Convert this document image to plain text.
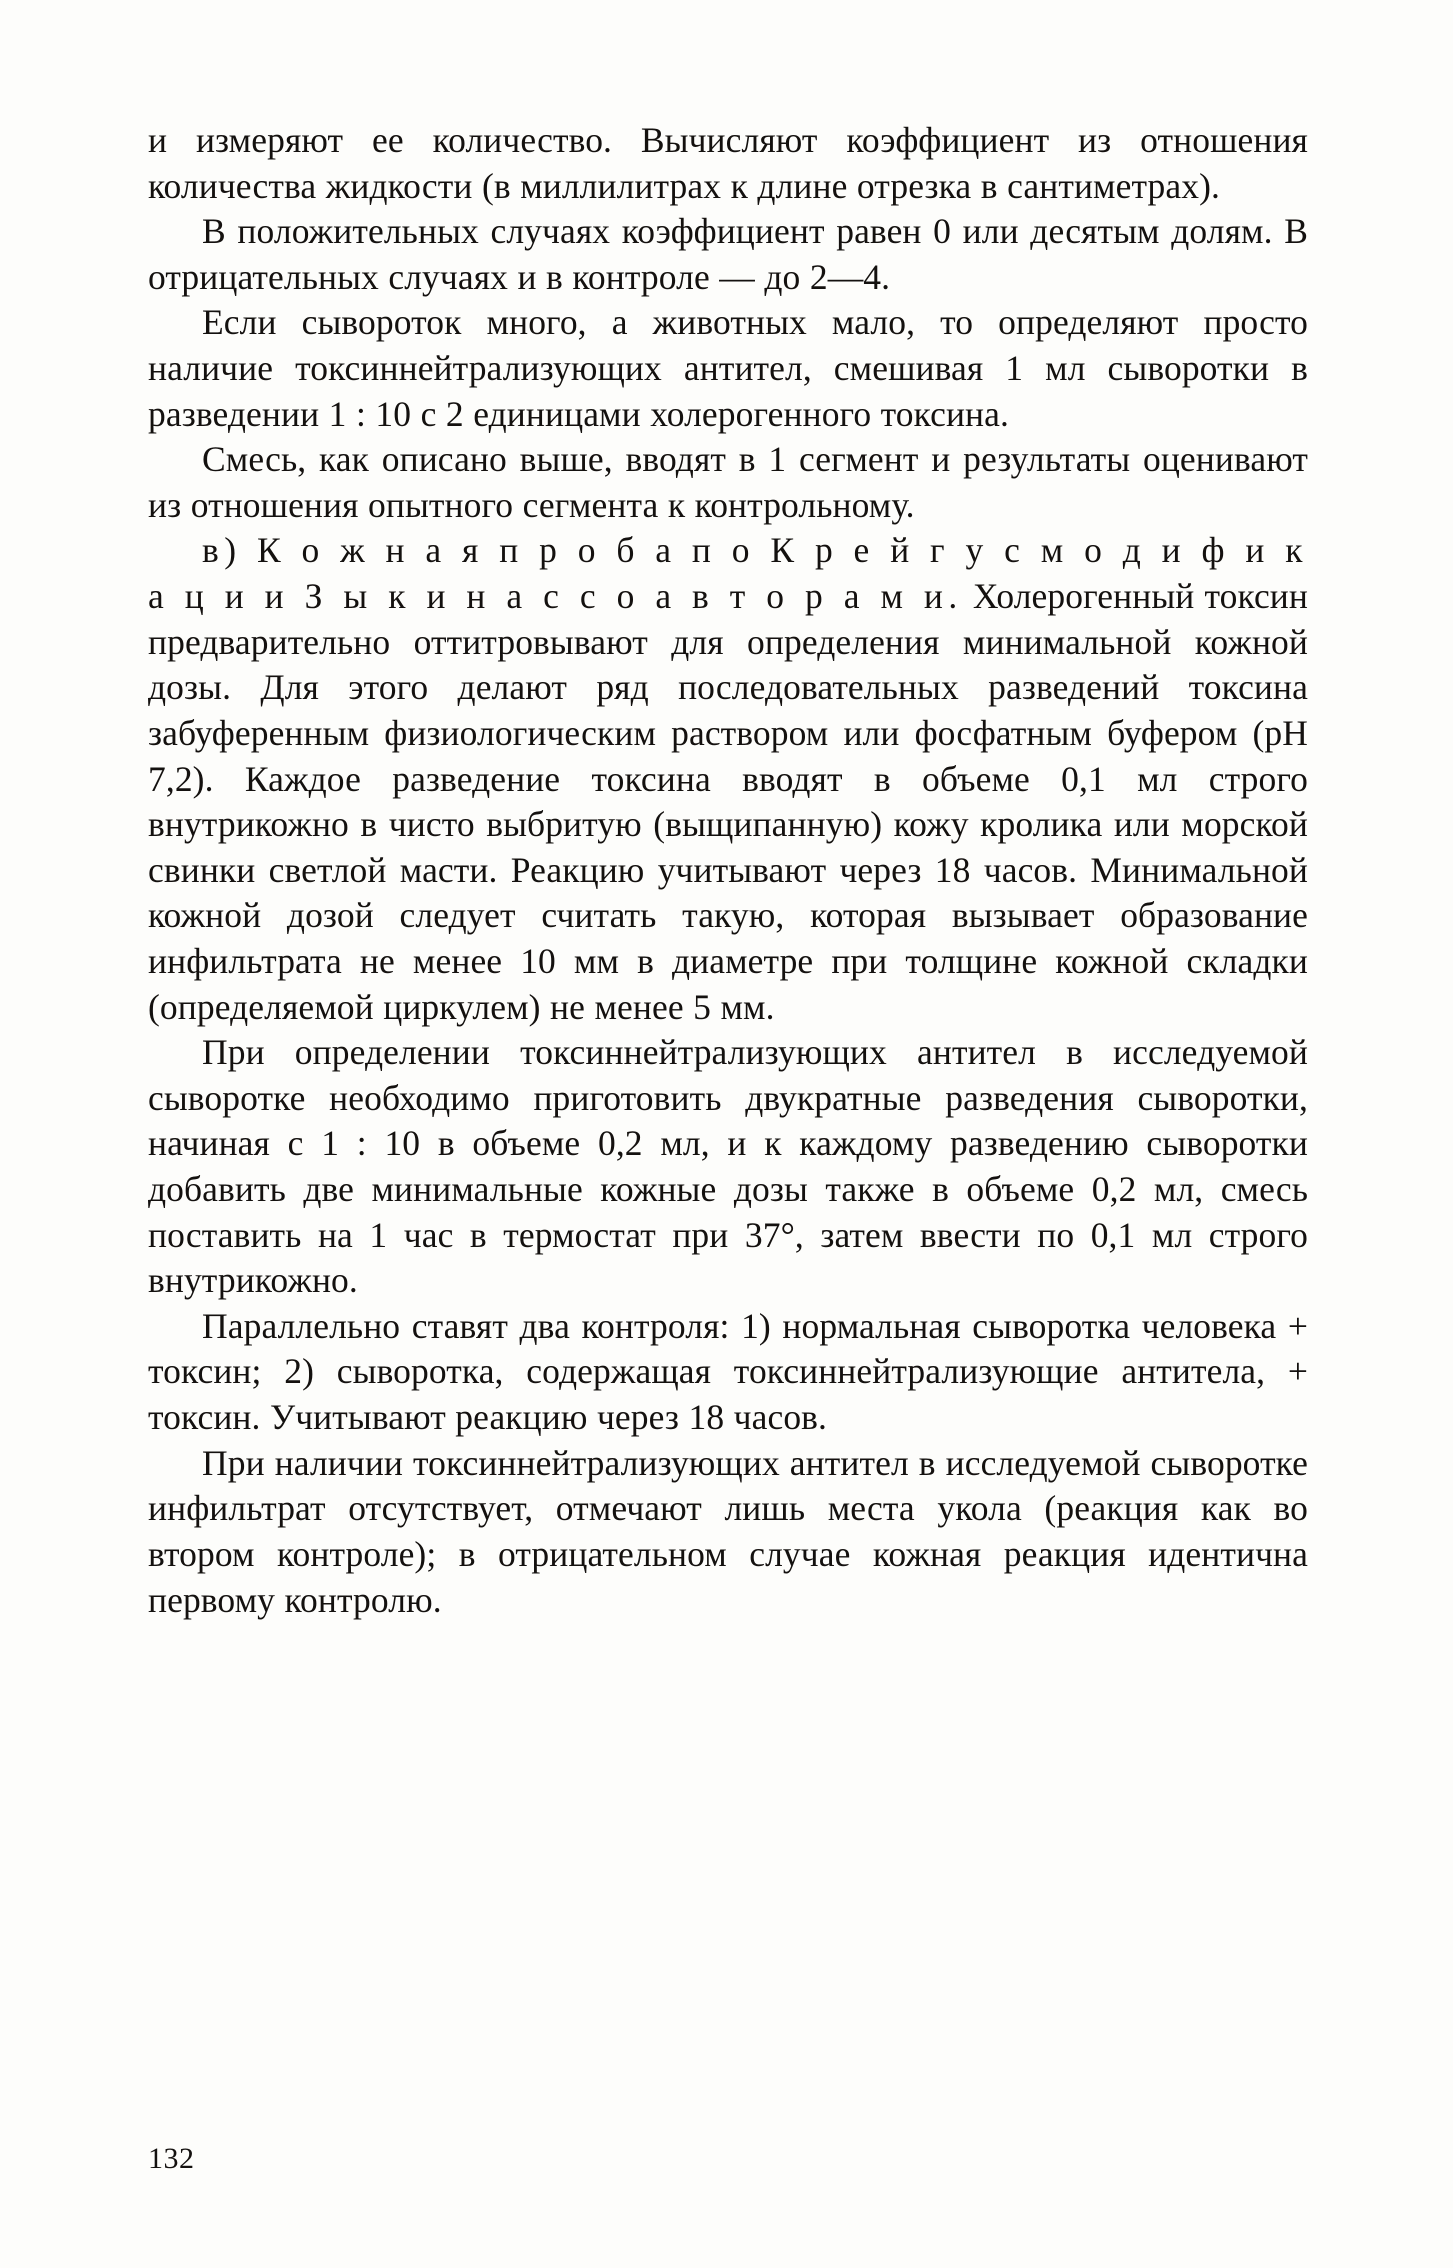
и измеряют ее количество. Вычисляют коэффициент из отношения количества жидкости (в миллилитрах к длине отрезка в сантиметрах).

В положительных случаях коэффициент равен 0 или десятым долям. В отрицательных случаях и в контроле — до 2—4.

Если сывороток много, а животных мало, то определяют просто наличие токсиннейтрализующих антител, смешивая 1 мл сыворотки в разведении 1 : 10 с 2 единицами холерогенного токсина.

Смесь, как описано выше, вводят в 1 сегмент и результаты оценивают из отношения опытного сегмента к контрольному.

в) К о ж н а я п р о б а п о К р е й г у с м о д и ф и к а ц и и З ы к и н а с с о а в т о р а м и. Холерогенный токсин предварительно оттитровывают для определения минимальной кожной дозы. Для этого делают ряд последовательных разведений токсина забуференным физиологическим раствором или фосфатным буфером (pH 7,2). Каждое разведение токсина вводят в объеме 0,1 мл строго внутрикожно в чисто выбритую (выщипанную) кожу кролика или морской свинки светлой масти. Реакцию учитывают через 18 часов. Минимальной кожной дозой следует считать такую, которая вызывает образование инфильтрата не менее 10 мм в диаметре при толщине кожной складки (определяемой циркулем) не менее 5 мм.

При определении токсиннейтрализующих антител в исследуемой сыворотке необходимо приготовить двукратные разведения сыворотки, начиная с 1 : 10 в объеме 0,2 мл, и к каждому разведению сыворотки добавить две минимальные кожные дозы также в объеме 0,2 мл, смесь поставить на 1 час в термостат при 37°, затем ввести по 0,1 мл строго внутрикожно.

Параллельно ставят два контроля: 1) нормальная сыворотка человека + токсин; 2) сыворотка, содержащая токсиннейтрализующие антитела, + токсин. Учитывают реакцию через 18 часов.

При наличии токсиннейтрализующих антител в исследуемой сыворотке инфильтрат отсутствует, отмечают лишь места укола (реакция как во втором контроле); в отрицательном случае кожная реакция идентична первому контролю.

132
